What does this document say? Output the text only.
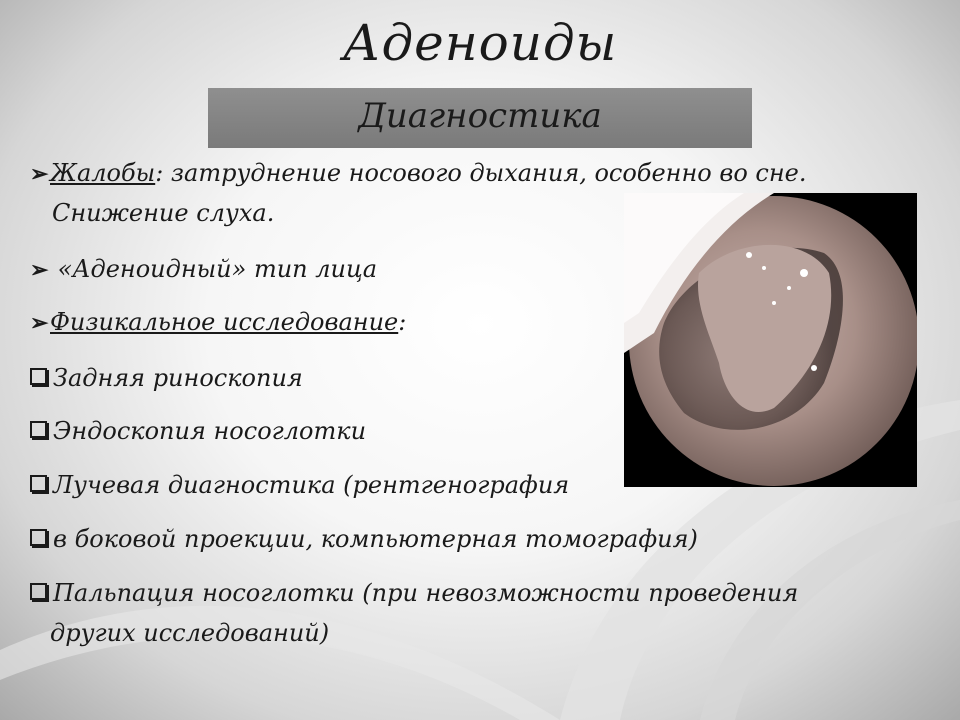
Аденоиды
Диагностика
➢Жалобы: затруднение носового дыхания, особенно во сне.
Снижение слуха.
➢ «Аденоидный» тип лица
➢Физикальное исследование:
Задняя риноскопия
Эндоскопия носоглотки
Лучевая диагностика (рентгенография
в боковой проекции, компьютерная томография)
Пальпация носоглотки (при невозможности проведения
других исследований)
